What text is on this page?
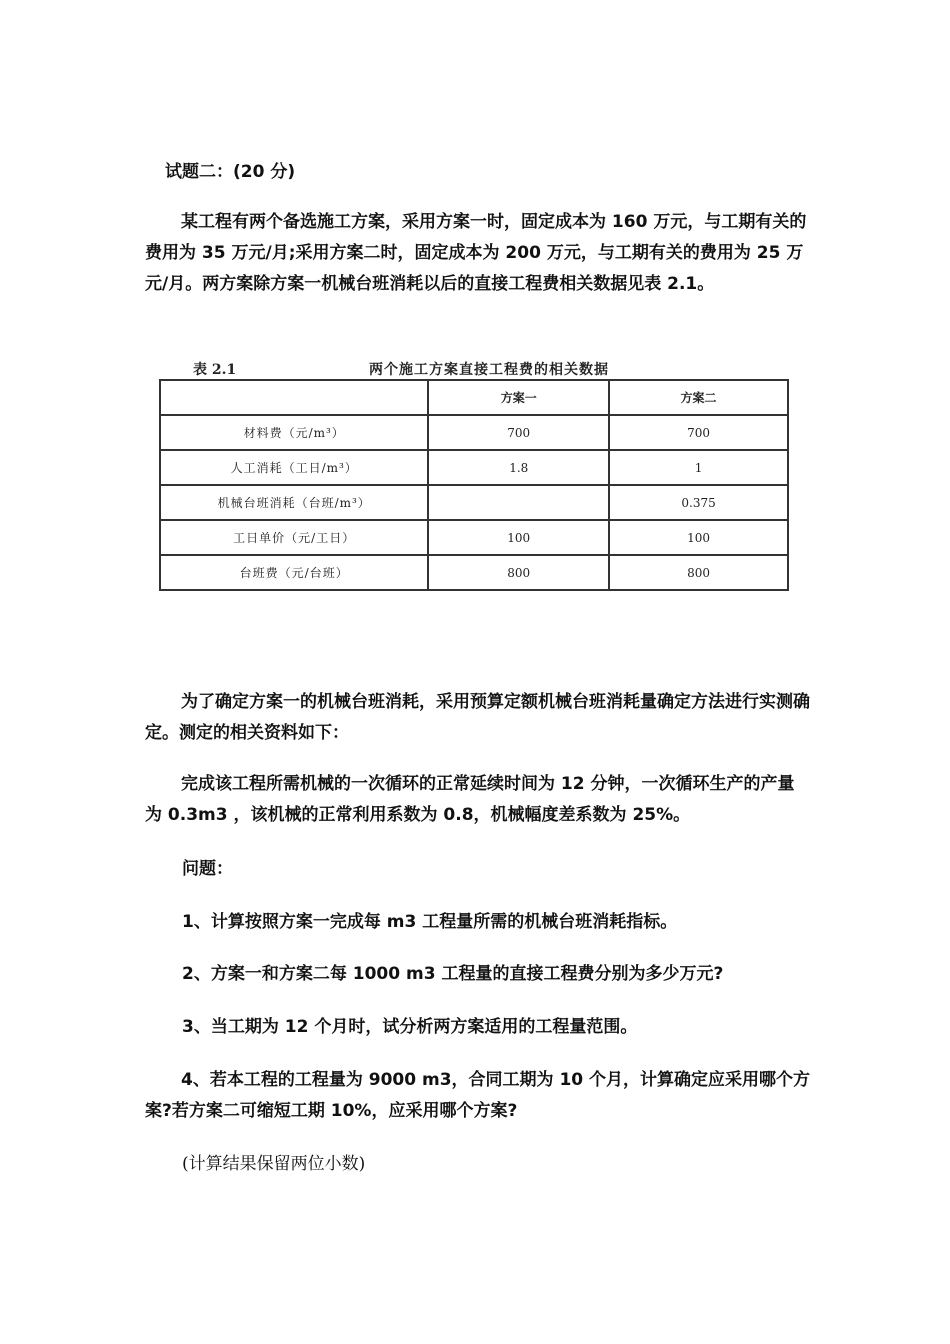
试题二：(20 分)

某工程有两个备选施工方案，采用方案一时，固定成本为 160 万元，与工期有关的费用为 35 万元/月;采用方案二时，固定成本为 200 万元，与工期有关的费用为 25 万元/月。两方案除方案一机械台班消耗以后的直接工程费相关数据见表 2.1。

表 2.1	两个施工方案直接工程费的相关数据
	方案一	方案二
材料费（元/m³）	700	700
人工消耗（工日/m³）	1.8	1
机械台班消耗（台班/m³）		0.375
工日单价（元/工日）	100	100
台班费（元/台班）	800	800

为了确定方案一的机械台班消耗，采用预算定额机械台班消耗量确定方法进行实测确定。测定的相关资料如下：

完成该工程所需机械的一次循环的正常延续时间为 12 分钟，一次循环生产的产量为 0.3m3 ，该机械的正常利用系数为 0.8，机械幅度差系数为 25%。

问题：

1、计算按照方案一完成每 m3 工程量所需的机械台班消耗指标。

2、方案一和方案二每 1000 m3 工程量的直接工程费分别为多少万元?

3、当工期为 12 个月时，试分析两方案适用的工程量范围。

4、若本工程的工程量为 9000 m3，合同工期为 10 个月，计算确定应采用哪个方案?若方案二可缩短工期 10%，应采用哪个方案?

(计算结果保留两位小数)
